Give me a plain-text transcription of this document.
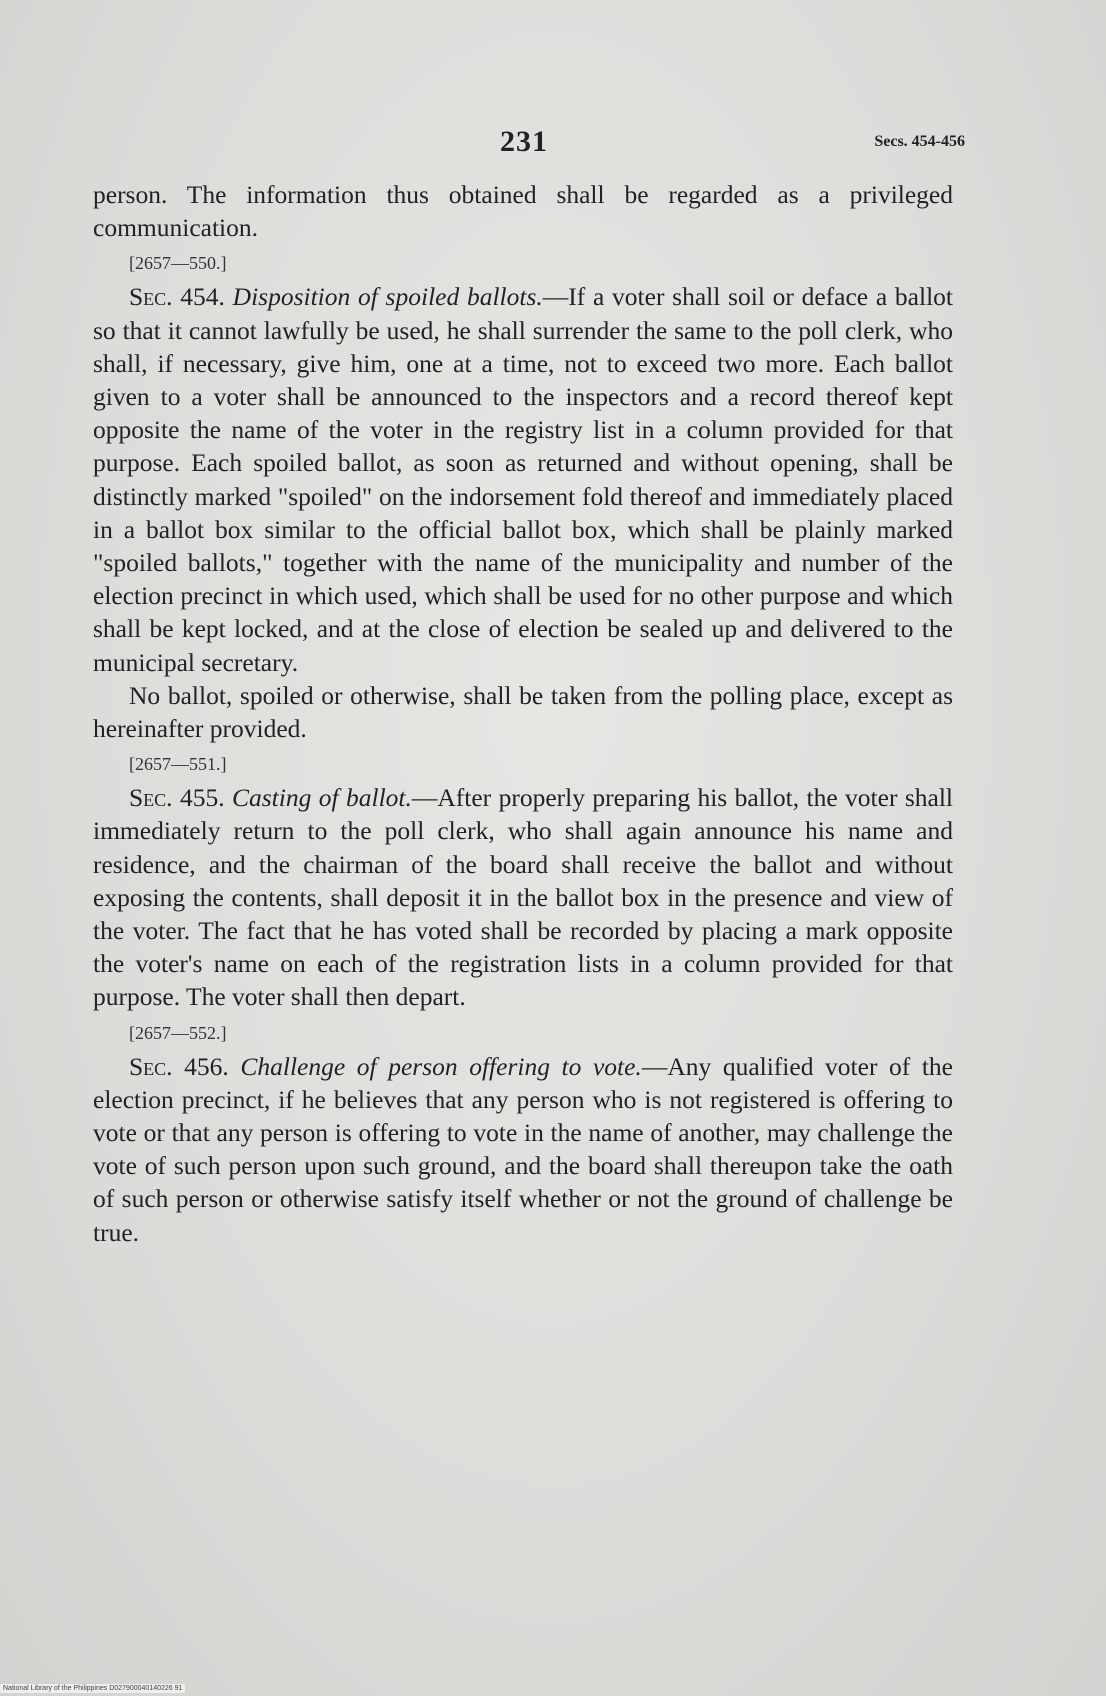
231	Secs. 454-456

person. The information thus obtained shall be regarded as a privileged communication.

[2657—550.]

Sec. 454. Disposition of spoiled ballots.—If a voter shall soil or deface a ballot so that it cannot lawfully be used, he shall surrender the same to the poll clerk, who shall, if necessary, give him, one at a time, not to exceed two more. Each ballot given to a voter shall be announced to the inspectors and a record thereof kept opposite the name of the voter in the registry list in a column provided for that purpose. Each spoiled ballot, as soon as returned and without opening, shall be distinctly marked "spoiled" on the indorsement fold thereof and immediately placed in a ballot box similar to the official ballot box, which shall be plainly marked "spoiled ballots," together with the name of the municipality and number of the election precinct in which used, which shall be used for no other purpose and which shall be kept locked, and at the close of election be sealed up and delivered to the municipal secretary.

No ballot, spoiled or otherwise, shall be taken from the polling place, except as hereinafter provided.

[2657—551.]

Sec. 455. Casting of ballot.—After properly preparing his ballot, the voter shall immediately return to the poll clerk, who shall again announce his name and residence, and the chairman of the board shall receive the ballot and without exposing the contents, shall deposit it in the ballot box in the presence and view of the voter. The fact that he has voted shall be recorded by placing a mark opposite the voter's name on each of the registration lists in a column provided for that purpose. The voter shall then depart.

[2657—552.]

Sec. 456. Challenge of person offering to vote.—Any qualified voter of the election precinct, if he believes that any person who is not registered is offering to vote or that any person is offering to vote in the name of another, may challenge the vote of such person upon such ground, and the board shall thereupon take the oath of such person or otherwise satisfy itself whether or not the ground of challenge be true.

National Library of the Philippines D027900040140226 91
